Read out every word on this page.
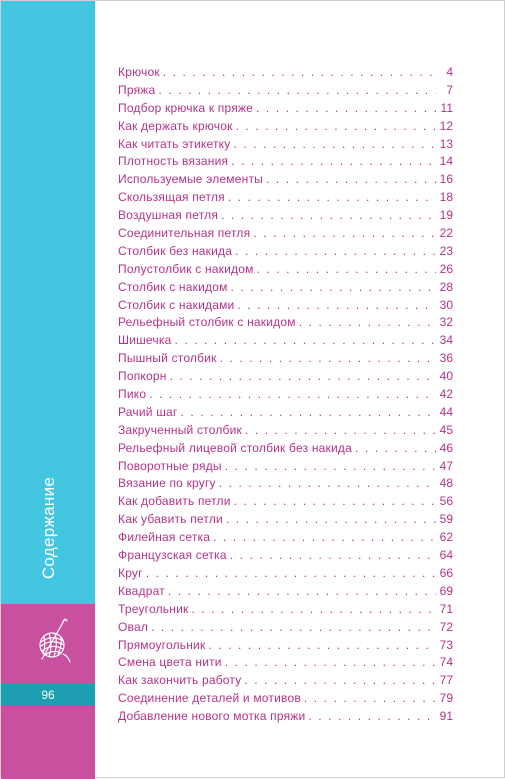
Содержание
96
Крючок . . .	4
Пряжа . . .	7
Подбор крючка к пряже . . .	11
Как держать крючок . . .	12
Как читать этикетку . . .	13
Плотность вязания . . .	14
Используемые элементы . . .	16
Скользящая петля . . .	18
Воздушная петля . . .	19
Соединительная петля . . .	22
Столбик без накида . . .	23
Полустолбик с накидом . . .	26
Столбик с накидом . . .	28
Столбик с накидами . . .	30
Рельефный столбик с накидом . . .	32
Шишечка . . .	34
Пышный столбик . . .	36
Попкорн . . .	40
Пико . . .	42
Рачий шаг . . .	44
Закрученный столбик . . .	45
Рельефный лицевой столбик без накида . . .	46
Поворотные ряды . . .	47
Вязание по кругу . . .	48
Как добавить петли . . .	56
Как убавить петли . . .	59
Филейная сетка . . .	62
Французская сетка . . .	64
Круг . . .	66
Квадрат . . .	69
Треугольник . . .	71
Овал . . .	72
Прямоугольник . . .	73
Смена цвета нити . . .	74
Как закончить работу . . .	77
Соединение деталей и мотивов . . .	79
Добавление нового мотка пряжи . . .	91
